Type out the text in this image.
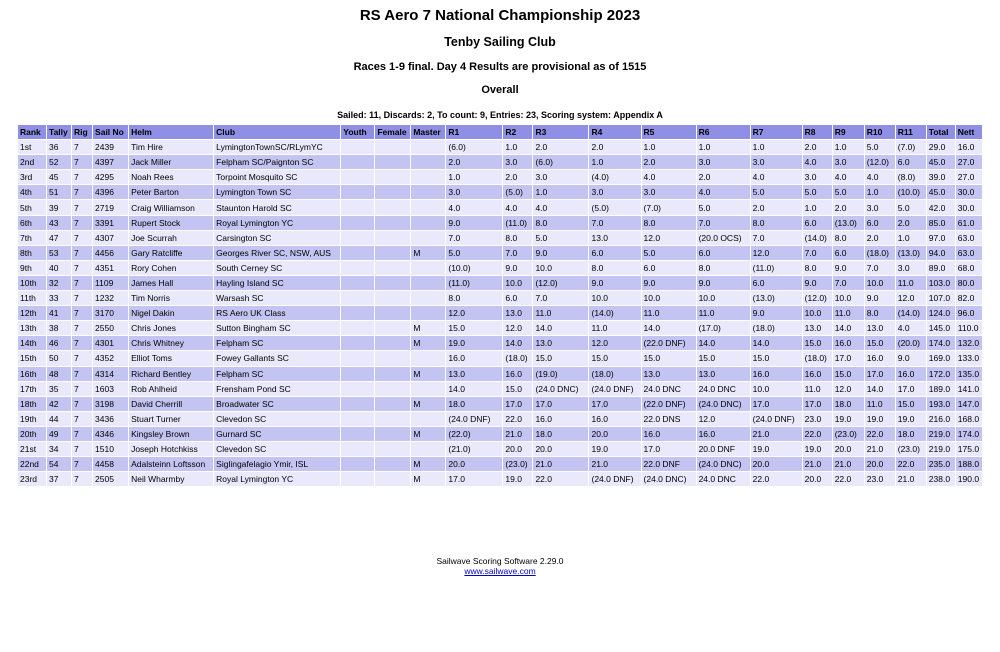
RS Aero 7 National Championship 2023
Tenby Sailing Club
Races 1-9 final. Day 4 Results are provisional as of 1515
Overall
Sailed: 11, Discards: 2, To count: 9, Entries: 23, Scoring system: Appendix A
Rank	Tally	Rig	Sail No	Helm	Club	Youth	Female	Master	R1	R2	R3	R4	R5	R6	R7	R8	R9	R10	R11	Total	Nett
1st	36	7	2439	Tim Hire	LymingtonTownSC/RLymYC				(6.0)	1.0	2.0	2.0	1.0	1.0	1.0	2.0	1.0	5.0	(7.0)	29.0	16.0
2nd	52	7	4397	Jack Miller	Felpham SC/Paignton SC				2.0	3.0	(6.0)	1.0	2.0	3.0	3.0	4.0	3.0	(12.0)	6.0	45.0	27.0
3rd	45	7	4295	Noah Rees	Torpoint Mosquito SC				1.0	2.0	3.0	(4.0)	4.0	2.0	4.0	3.0	4.0	4.0	(8.0)	39.0	27.0
4th	51	7	4396	Peter Barton	Lymington Town SC				3.0	(5.0)	1.0	3.0	3.0	4.0	5.0	5.0	5.0	1.0	(10.0)	45.0	30.0
5th	39	7	2719	Craig Williamson	Staunton Harold SC				4.0	4.0	4.0	(5.0)	(7.0)	5.0	2.0	1.0	2.0	3.0	5.0	42.0	30.0
6th	43	7	3391	Rupert Stock	Royal Lymington YC				9.0	(11.0)	8.0	7.0	8.0	7.0	8.0	6.0	(13.0)	6.0	2.0	85.0	61.0
7th	47	7	4307	Joe Scurrah	Carsington SC				7.0	8.0	5.0	13.0	12.0	(20.0 OCS)	7.0	(14.0)	8.0	2.0	1.0	97.0	63.0
8th	53	7	4456	Gary Ratcliffe	Georges River SC, NSW, AUS			M	5.0	7.0	9.0	6.0	5.0	6.0	12.0	7.0	6.0	(18.0)	(13.0)	94.0	63.0
9th	40	7	4351	Rory Cohen	South Cerney SC				(10.0)	9.0	10.0	8.0	6.0	8.0	(11.0)	8.0	9.0	7.0	3.0	89.0	68.0
10th	32	7	1109	James Hall	Hayling Island SC				(11.0)	10.0	(12.0)	9.0	9.0	9.0	6.0	9.0	7.0	10.0	11.0	103.0	80.0
11th	33	7	1232	Tim Norris	Warsash SC				8.0	6.0	7.0	10.0	10.0	10.0	(13.0)	(12.0)	10.0	9.0	12.0	107.0	82.0
12th	41	7	3170	Nigel Dakin	RS Aero UK Class				12.0	13.0	11.0	(14.0)	11.0	11.0	9.0	10.0	11.0	8.0	(14.0)	124.0	96.0
13th	38	7	2550	Chris Jones	Sutton Bingham SC			M	15.0	12.0	14.0	11.0	14.0	(17.0)	(18.0)	13.0	14.0	13.0	4.0	145.0	110.0
14th	46	7	4301	Chris Whitney	Felpham SC			M	19.0	14.0	13.0	12.0	(22.0 DNF)	14.0	14.0	15.0	16.0	15.0	(20.0)	174.0	132.0
15th	50	7	4352	Elliot Toms	Fowey Gallants SC				16.0	(18.0)	15.0	15.0	15.0	15.0	15.0	(18.0)	17.0	16.0	9.0	169.0	133.0
16th	48	7	4314	Richard Bentley	Felpham SC			M	13.0	16.0	(19.0)	(18.0)	13.0	13.0	16.0	16.0	15.0	17.0	16.0	172.0	135.0
17th	35	7	1603	Rob Ahlheid	Frensham Pond SC				14.0	15.0	(24.0 DNC)	(24.0 DNF)	24.0 DNC	24.0 DNC	10.0	11.0	12.0	14.0	17.0	189.0	141.0
18th	42	7	3198	David Cherrill	Broadwater SC			M	18.0	17.0	17.0	17.0	(22.0 DNF)	(24.0 DNC)	17.0	17.0	18.0	11.0	15.0	193.0	147.0
19th	44	7	3436	Stuart Turner	Clevedon SC				(24.0 DNF)	22.0	16.0	16.0	22.0 DNS	12.0	(24.0 DNF)	23.0	19.0	19.0	19.0	216.0	168.0
20th	49	7	4346	Kingsley Brown	Gurnard SC			M	(22.0)	21.0	18.0	20.0	16.0	16.0	21.0	22.0	(23.0)	22.0	18.0	219.0	174.0
21st	34	7	1510	Joseph Hotchkiss	Clevedon SC				(21.0)	20.0	20.0	19.0	17.0	20.0 DNF	19.0	19.0	20.0	21.0	(23.0)	219.0	175.0
22nd	54	7	4458	Adalsteinn Loftsson	Siglingafelagio Ymir, ISL			M	20.0	(23.0)	21.0	21.0	22.0 DNF	(24.0 DNC)	20.0	21.0	21.0	20.0	22.0	235.0	188.0
23rd	37	7	2505	Neil Wharmby	Royal Lymington YC			M	17.0	19.0	22.0	(24.0 DNF)	(24.0 DNC)	24.0 DNC	22.0	20.0	22.0	23.0	21.0	238.0	190.0
Sailwave Scoring Software 2.29.0
www.sailwave.com
